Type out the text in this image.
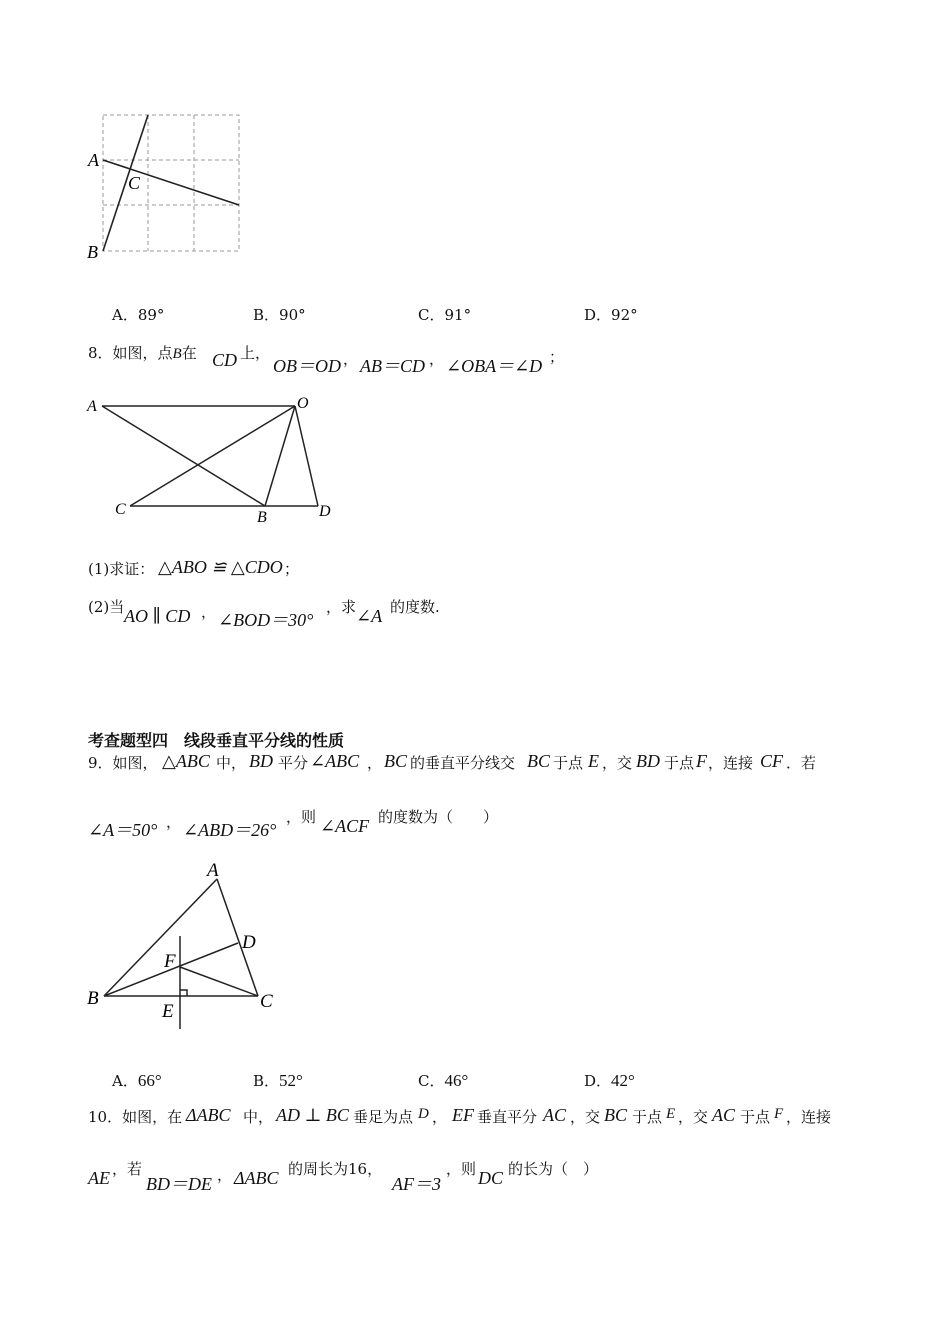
A
C
B
A．89°	B．90°	C．91°	D．92°
8．如图，点B在 CD 上，
OB＝OD ， AB＝CD ， ∠OBA＝∠D ；
A	O
C	B	D
(1)求证： △ABO ≌ △CDO ；
(2)当 AO ∥ CD ， ∠BOD＝30°
，求 ∠A 的度数.
考查题型四　线段垂直平分线的性质
9．如图， △ABC 中， BD 平分 ∠ABC ， BC 的垂直平分线交 BC 于点 E ，交 BD 于点 F ，连接 CF ．若
∠A＝50° ， ∠ABD＝26°
，则 ∠ACF 的度数为（　　）
A
D
F
B	C
E
A．66°	B．52°	C．46°	D．42°
10．如图，在 ΔABC 中， AD ⊥ BC 垂足为点 D ， EF 垂直平分 AC ，交 BC 于点 E ，交 AC 于点 F ，连接
AE ，若
BD＝DE ， ΔABC 的周长为16，
AF＝3
，则 DC 的长为（　）
